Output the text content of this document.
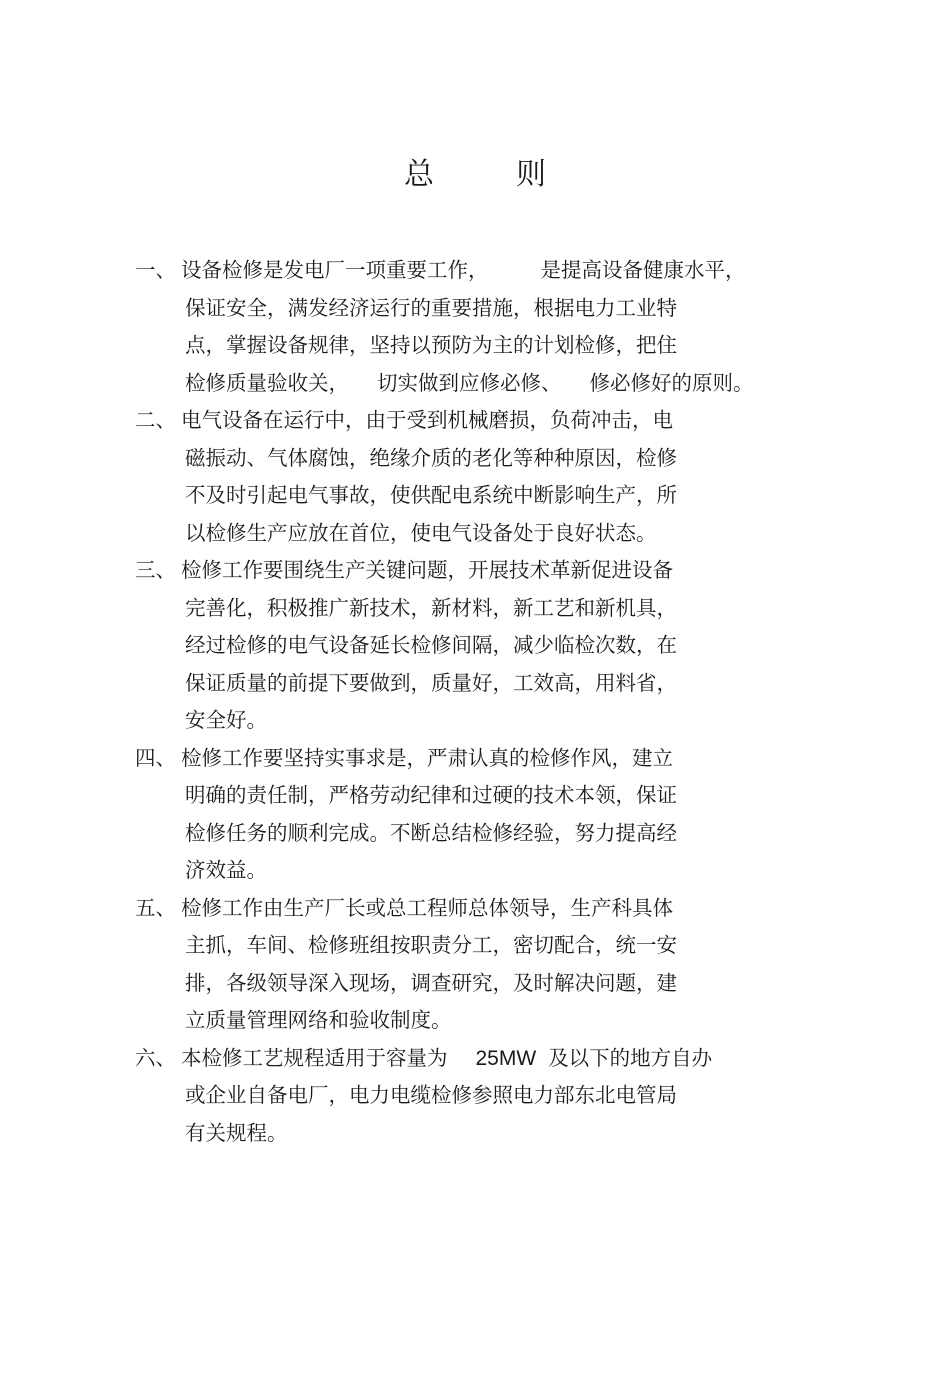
总	则
一、 设备检修是发电厂一项重要工作，	是提高设备健康水平，
保证安全，满发经济运行的重要措施，根据电力工业特
点，掌握设备规律，坚持以预防为主的计划检修，把住
检修质量验收关， 切实做到应修必修、 修必修好的原则。
二、 电气设备在运行中，由于受到机械磨损，负荷冲击，电
磁振动、气体腐蚀，绝缘介质的老化等种种原因，检修
不及时引起电气事故，使供配电系统中断影响生产，所
以检修生产应放在首位，使电气设备处于良好状态。
三、 检修工作要围绕生产关键问题，开展技术革新促进设备
完善化，积极推广新技术，新材料，新工艺和新机具，
经过检修的电气设备延长检修间隔，减少临检次数，在
保证质量的前提下要做到，质量好，工效高，用料省，
安全好。
四、 检修工作要坚持实事求是，严肃认真的检修作风，建立
明确的责任制，严格劳动纪律和过硬的技术本领，保证
检修任务的顺利完成。不断总结检修经验，努力提高经
济效益。
五、 检修工作由生产厂长或总工程师总体领导，生产科具体
主抓，车间、检修班组按职责分工，密切配合，统一安
排，各级领导深入现场，调查研究，及时解决问题，建
立质量管理网络和验收制度。
六、 本检修工艺规程适用于容量为 25MW 及以下的地方自办
或企业自备电厂，电力电缆检修参照电力部东北电管局
有关规程。
